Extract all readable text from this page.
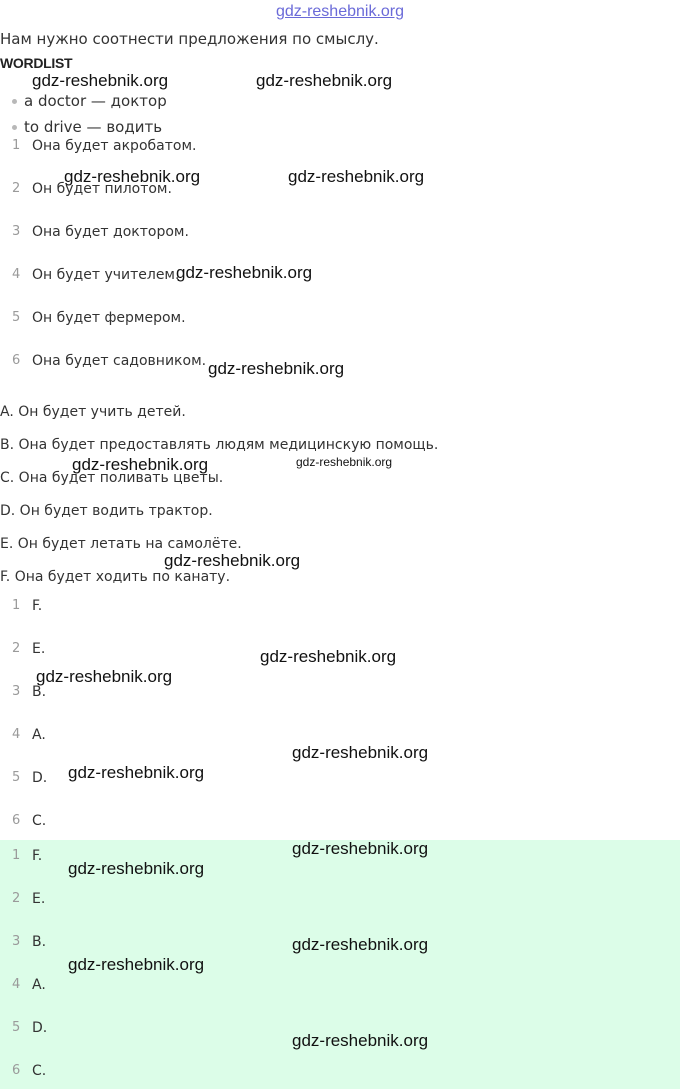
gdz-reshebnik.org
Нам нужно соотнести предложения по смыслу.
WORDLIST
a doctor — доктор
to drive — водить
1 Она будет акробатом.
2 Он будет пилотом.
3 Она будет доктором.
4 Он будет учителем.
5 Он будет фермером.
6 Она будет садовником.
A. Он будет учить детей.
B. Она будет предоставлять людям медицинскую помощь.
C. Она будет поливать цветы.
D. Он будет водить трактор.
E. Он будет летать на самолёте.
F. Она будет ходить по канату.
1 F.
2 E.
3 B.
4 A.
5 D.
6 C.
1 F.
2 E.
3 B.
4 A.
5 D.
6 C.
gdz-reshebnik.org	gdz-reshebnik.org
gdz-reshebnik.org	gdz-reshebnik.org
gdz-reshebnik.org
gdz-reshebnik.org
gdz-reshebnik.org	gdz-reshebnik.org
gdz-reshebnik.org
gdz-reshebnik.org
gdz-reshebnik.org
gdz-reshebnik.org
gdz-reshebnik.org
gdz-reshebnik.org
gdz-reshebnik.org
gdz-reshebnik.org
gdz-reshebnik.org
gdz-reshebnik.org
